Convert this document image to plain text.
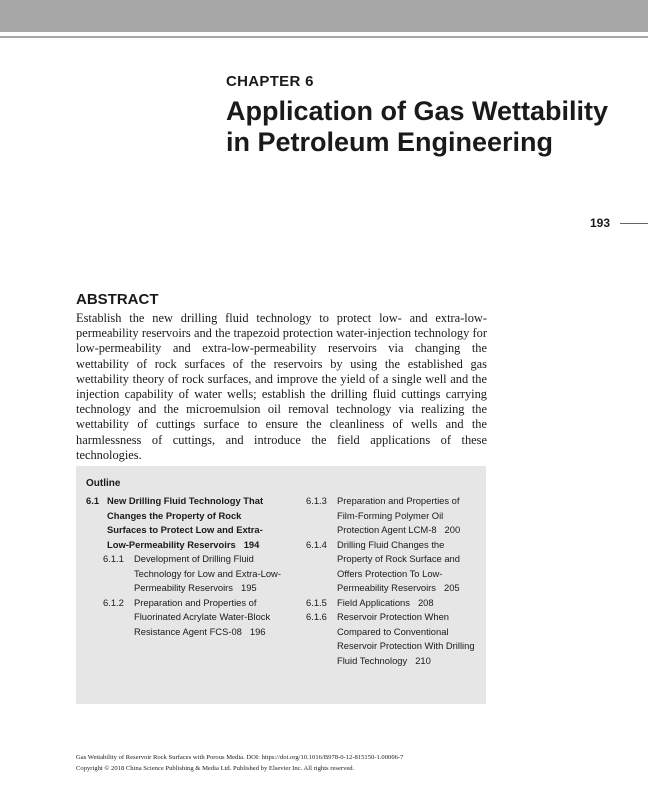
CHAPTER 6
Application of Gas Wettability in Petroleum Engineering
193
ABSTRACT
Establish the new drilling fluid technology to protect low- and extra-low-permeability reservoirs and the trapezoid protection water-injection technology for low-permeability and extra-low-permeability reservoirs via changing the wettability of rock surfaces of the reservoirs by using the established gas wettability theory of rock surfaces, and improve the yield of a single well and the injection capability of water wells; establish the drilling fluid cuttings carrying technology and the microemulsion oil removal technology via realizing the wettability of cuttings surface to ensure the cleanliness of wells and the harmlessness of cuttings, and introduce the field applications of these technologies.
Outline
6.1 New Drilling Fluid Technology That Changes the Property of Rock Surfaces to Protect Low and Extra-Low-Permeability Reservoirs 194
6.1.1	Development of Drilling Fluid Technology for Low and Extra-Low-Permeability Reservoirs 195
6.1.2	Preparation and Properties of Fluorinated Acrylate Water-Block Resistance Agent FCS-08 196
6.1.3	Preparation and Properties of Film-Forming Polymer Oil Protection Agent LCM-8 200
6.1.4	Drilling Fluid Changes the Property of Rock Surface and Offers Protection To Low-Permeability Reservoirs 205
6.1.5	Field Applications 208
6.1.6	Reservoir Protection When Compared to Conventional Reservoir Protection With Drilling Fluid Technology 210
Gas Wettability of Reservoir Rock Surfaces with Porous Media. DOI: https://doi.org/10.1016/B978-0-12-815150-1.00006-7
Copyright © 2018 China Science Publishing & Media Ltd. Published by Elsevier Inc. All rights reserved.
